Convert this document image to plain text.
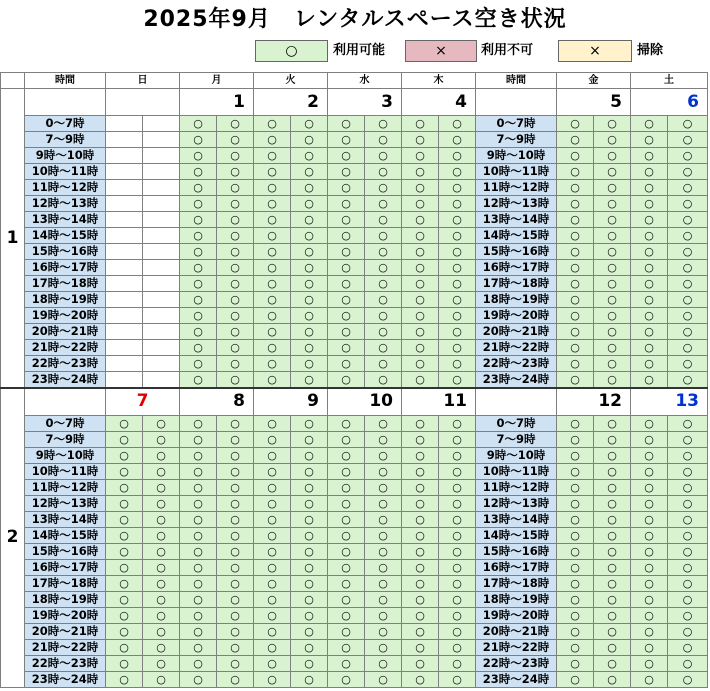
2025年9月　レンタルスペース空き状況
○	利用可能	×	利用不可	×	掃除
	時間	日		月		火		水		木		時間	金		土	
1				1		2		3		4			5		6	
	0～7時			○	○	○	○	○	○	○	○	0～7時	○	○	○	○
	7～9時			○	○	○	○	○	○	○	○	7～9時	○	○	○	○
	9時～10時			○	○	○	○	○	○	○	○	9時～10時	○	○	○	○
	10時～11時			○	○	○	○	○	○	○	○	10時～11時	○	○	○	○
	11時～12時			○	○	○	○	○	○	○	○	11時～12時	○	○	○	○
	12時～13時			○	○	○	○	○	○	○	○	12時～13時	○	○	○	○
	13時～14時			○	○	○	○	○	○	○	○	13時～14時	○	○	○	○
	14時～15時			○	○	○	○	○	○	○	○	14時～15時	○	○	○	○
	15時～16時			○	○	○	○	○	○	○	○	15時～16時	○	○	○	○
	16時～17時			○	○	○	○	○	○	○	○	16時～17時	○	○	○	○
	17時～18時			○	○	○	○	○	○	○	○	17時～18時	○	○	○	○
	18時～19時			○	○	○	○	○	○	○	○	18時～19時	○	○	○	○
	19時～20時			○	○	○	○	○	○	○	○	19時～20時	○	○	○	○
	20時～21時			○	○	○	○	○	○	○	○	20時～21時	○	○	○	○
	21時～22時			○	○	○	○	○	○	○	○	21時～22時	○	○	○	○
	22時～23時			○	○	○	○	○	○	○	○	22時～23時	○	○	○	○
	23時～24時			○	○	○	○	○	○	○	○	23時～24時	○	○	○	○
2		7		8		9		10		11			12		13	
	0～7時	○	○	○	○	○	○	○	○	○	○	0～7時	○	○	○	○
	7～9時	○	○	○	○	○	○	○	○	○	○	7～9時	○	○	○	○
	9時～10時	○	○	○	○	○	○	○	○	○	○	9時～10時	○	○	○	○
	10時～11時	○	○	○	○	○	○	○	○	○	○	10時～11時	○	○	○	○
	11時～12時	○	○	○	○	○	○	○	○	○	○	11時～12時	○	○	○	○
	12時～13時	○	○	○	○	○	○	○	○	○	○	12時～13時	○	○	○	○
	13時～14時	○	○	○	○	○	○	○	○	○	○	13時～14時	○	○	○	○
	14時～15時	○	○	○	○	○	○	○	○	○	○	14時～15時	○	○	○	○
	15時～16時	○	○	○	○	○	○	○	○	○	○	15時～16時	○	○	○	○
	16時～17時	○	○	○	○	○	○	○	○	○	○	16時～17時	○	○	○	○
	17時～18時	○	○	○	○	○	○	○	○	○	○	17時～18時	○	○	○	○
	18時～19時	○	○	○	○	○	○	○	○	○	○	18時～19時	○	○	○	○
	19時～20時	○	○	○	○	○	○	○	○	○	○	19時～20時	○	○	○	○
	20時～21時	○	○	○	○	○	○	○	○	○	○	20時～21時	○	○	○	○
	21時～22時	○	○	○	○	○	○	○	○	○	○	21時～22時	○	○	○	○
	22時～23時	○	○	○	○	○	○	○	○	○	○	22時～23時	○	○	○	○
	23時～24時	○	○	○	○	○	○	○	○	○	○	23時～24時	○	○	○	○
